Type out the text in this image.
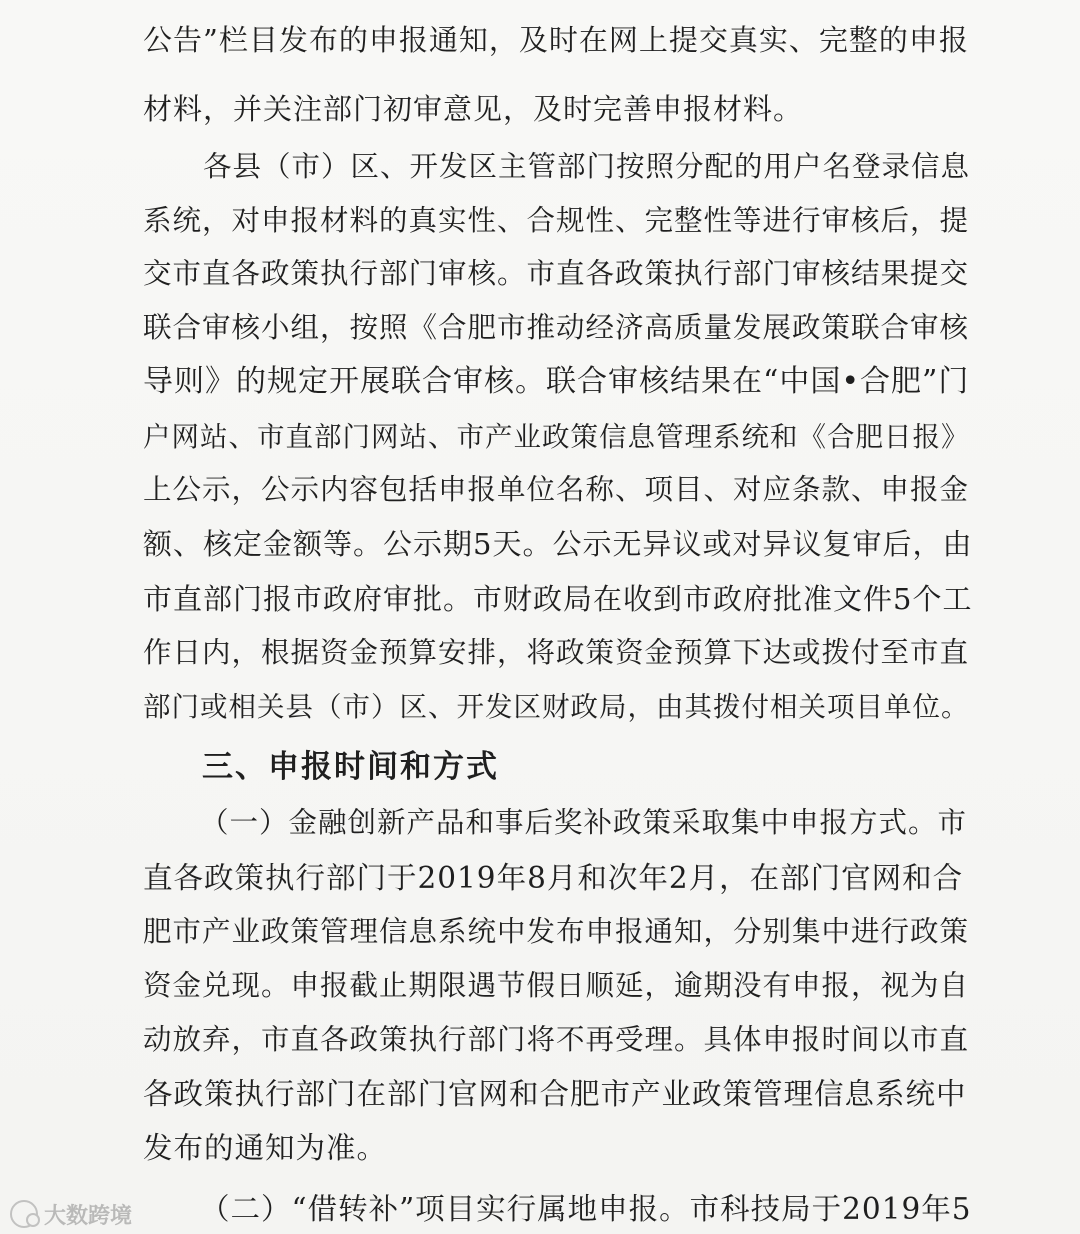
公告”栏目发布的申报通知，及时在网上提交真实、完整的申报
材料，并关注部门初审意见，及时完善申报材料。
各县（市）区、开发区主管部门按照分配的用户名登录信息
系统，对申报材料的真实性、合规性、完整性等进行审核后，提
交市直各政策执行部门审核。市直各政策执行部门审核结果提交
联合审核小组，按照《合肥市推动经济高质量发展政策联合审核
导则》的规定开展联合审核。联合审核结果在“中国•合肥”门
户网站、市直部门网站、市产业政策信息管理系统和《合肥日报》
上公示，公示内容包括申报单位名称、项目、对应条款、申报金
额、核定金额等。公示期5天。公示无异议或对异议复审后，由
市直部门报市政府审批。市财政局在收到市政府批准文件5个工
作日内，根据资金预算安排，将政策资金预算下达或拨付至市直
部门或相关县（市）区、开发区财政局，由其拨付相关项目单位。
三、申报时间和方式
（一）金融创新产品和事后奖补政策采取集中申报方式。市
直各政策执行部门于2019年8月和次年2月，在部门官网和合
肥市产业政策管理信息系统中发布申报通知，分别集中进行政策
资金兑现。申报截止期限遇节假日顺延，逾期没有申报，视为自
动放弃，市直各政策执行部门将不再受理。具体申报时间以市直
各政策执行部门在部门官网和合肥市产业政策管理信息系统中
发布的通知为准。
（二）“借转补”项目实行属地申报。市科技局于2019年5
大数跨境
